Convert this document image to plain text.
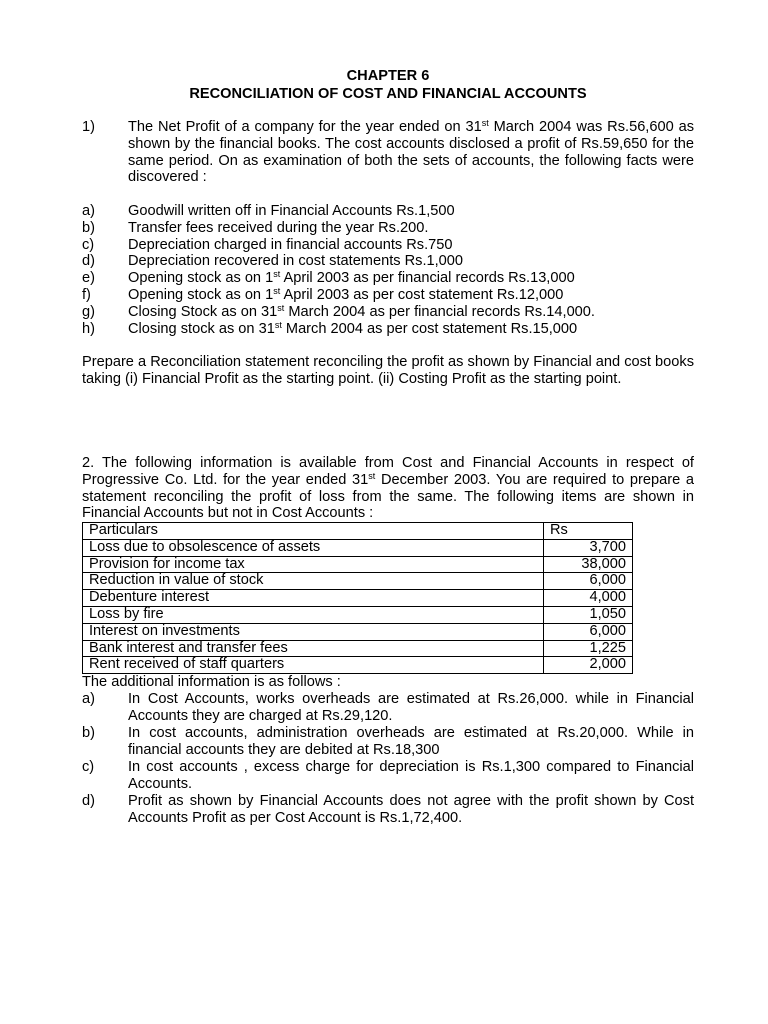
CHAPTER 6
RECONCILIATION OF COST AND FINANCIAL ACCOUNTS
1) The Net Profit of a company for the year ended on 31st March 2004 was Rs.56,600 as shown by the financial books. The cost accounts disclosed a profit of Rs.59,650 for the same period. On as examination of both the sets of accounts, the following facts were discovered :
a)	Goodwill written off in Financial Accounts Rs.1,500
b)	Transfer fees received during the year Rs.200.
c)	Depreciation charged in financial accounts Rs.750
d)	Depreciation recovered in cost statements Rs.1,000
e)	Opening stock as on 1st April 2003 as per financial records Rs.13,000
f)	Opening stock as on 1st April 2003 as per cost statement Rs.12,000
g)	Closing Stock as on 31st March 2004 as per financial records Rs.14,000.
h)	Closing stock as on 31st March 2004 as per cost statement Rs.15,000
Prepare a Reconciliation statement reconciling the profit as shown by Financial and cost books taking (i) Financial Profit as the starting point. (ii) Costing Profit as the starting point.
2. The following information is available from Cost and Financial Accounts in respect of Progressive Co. Ltd. for the year ended 31st December 2003. You are required to prepare a statement reconciling the profit of loss from the same. The following items are shown in Financial Accounts but not in Cost Accounts :
Particulars	Rs
Loss due to obsolescence of assets	3,700
Provision for income tax	38,000
Reduction in value of stock	6,000
Debenture interest	4,000
Loss by fire	1,050
Interest on investments	6,000
Bank interest and transfer fees	1,225
Rent received of staff quarters	2,000
The additional information is as follows :
a)	In Cost Accounts, works overheads are estimated at Rs.26,000. while in Financial Accounts they are charged at Rs.29,120.
b)	In cost accounts, administration overheads are estimated at Rs.20,000. While in financial accounts they are debited at Rs.18,300
c)	In cost accounts , excess charge for depreciation is Rs.1,300 compared to Financial Accounts.
d)	Profit as shown by Financial Accounts does not agree with the profit shown by Cost Accounts Profit as per Cost Account is Rs.1,72,400.
